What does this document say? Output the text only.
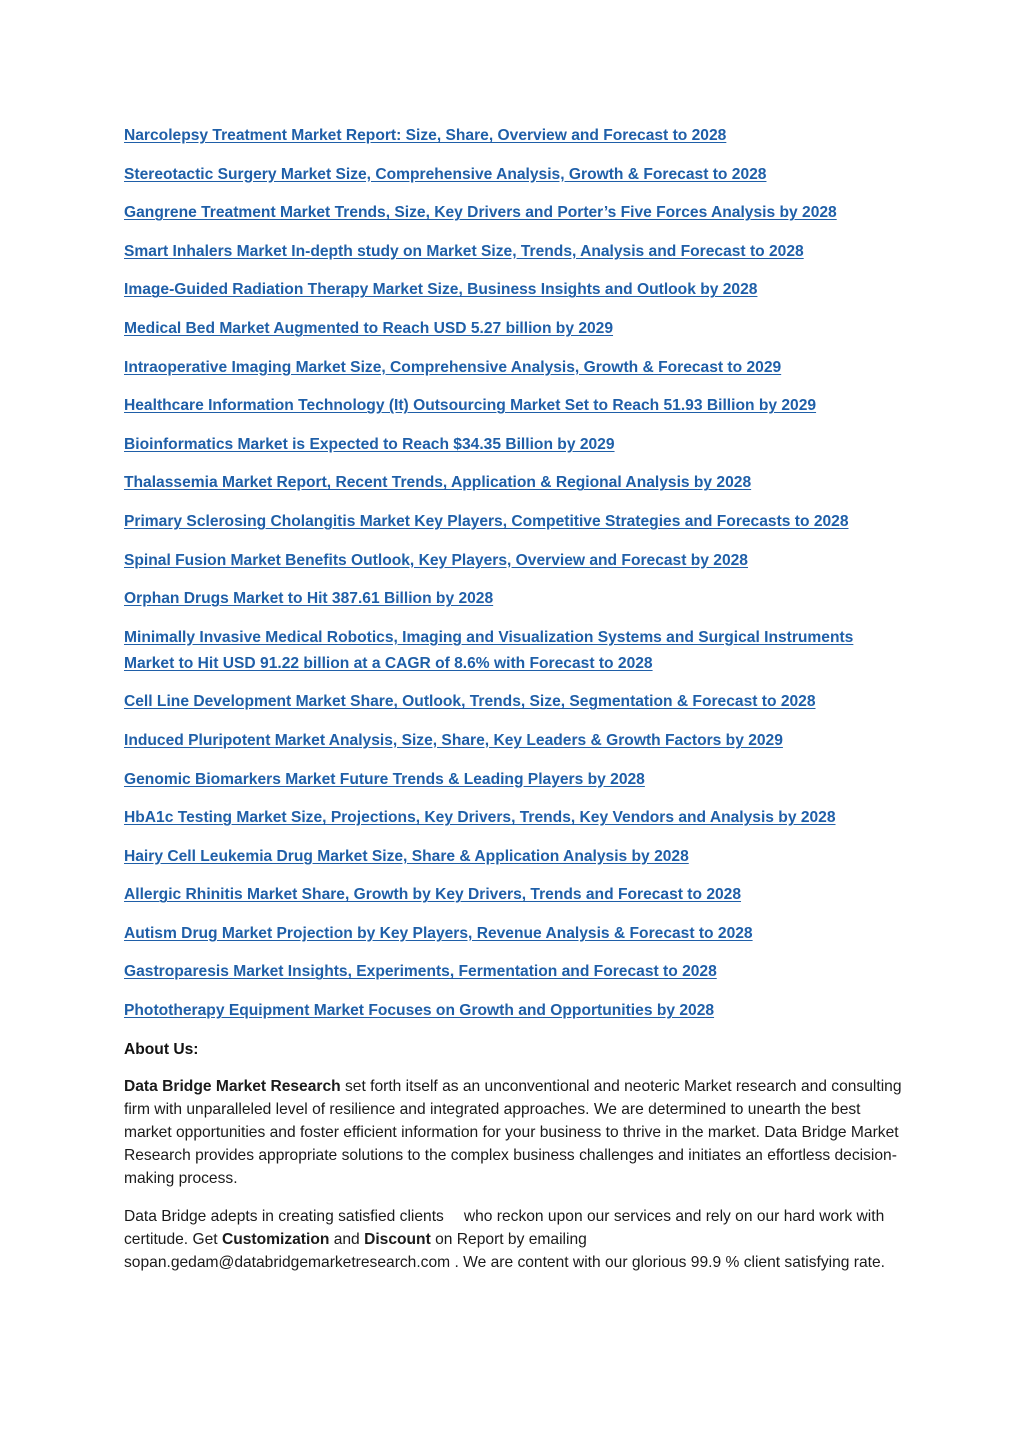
Narcolepsy Treatment Market Report: Size, Share, Overview and Forecast to 2028
Stereotactic Surgery Market Size, Comprehensive Analysis, Growth & Forecast to 2028
Gangrene Treatment Market Trends, Size, Key Drivers and Porter’s Five Forces Analysis by 2028
Smart Inhalers Market In-depth study on Market Size, Trends, Analysis and Forecast to 2028
Image-Guided Radiation Therapy Market Size, Business Insights and Outlook by 2028
Medical Bed Market Augmented to Reach USD 5.27 billion by 2029
Intraoperative Imaging Market Size, Comprehensive Analysis, Growth & Forecast to 2029
Healthcare Information Technology (It) Outsourcing Market Set to Reach 51.93 Billion by 2029
Bioinformatics Market is Expected to Reach $34.35 Billion by 2029
Thalassemia Market Report, Recent Trends, Application & Regional Analysis by 2028
Primary Sclerosing Cholangitis Market Key Players, Competitive Strategies and Forecasts to 2028
Spinal Fusion Market Benefits Outlook, Key Players, Overview and Forecast by 2028
Orphan Drugs Market to Hit 387.61 Billion by 2028
Minimally Invasive Medical Robotics, Imaging and Visualization Systems and Surgical Instruments Market to Hit USD 91.22 billion at a CAGR of 8.6% with Forecast to 2028
Cell Line Development Market Share, Outlook, Trends, Size, Segmentation & Forecast to 2028
Induced Pluripotent Market Analysis, Size, Share, Key Leaders & Growth Factors by 2029
Genomic Biomarkers Market Future Trends & Leading Players by 2028
HbA1c Testing Market Size, Projections, Key Drivers, Trends, Key Vendors and Analysis by 2028
Hairy Cell Leukemia Drug Market Size, Share & Application Analysis by 2028
Allergic Rhinitis Market Share, Growth by Key Drivers, Trends and Forecast to 2028
Autism Drug Market Projection by Key Players, Revenue Analysis & Forecast to 2028
Gastroparesis Market Insights, Experiments, Fermentation and Forecast to 2028
Phototherapy Equipment Market Focuses on Growth and Opportunities by 2028
About Us:

Data Bridge Market Research set forth itself as an unconventional and neoteric Market research and consulting firm with unparalleled level of resilience and integrated approaches. We are determined to unearth the best market opportunities and foster efficient information for your business to thrive in the market. Data Bridge Market Research provides appropriate solutions to the complex business challenges and initiates an effortless decision-making process.

Data Bridge adepts in creating satisfied clients who reckon upon our services and rely on our hard work with certitude. Get Customization and Discount on Report by emailing sopan.gedam@databridgemarketresearch.com . We are content with our glorious 99.9 % client satisfying rate.
